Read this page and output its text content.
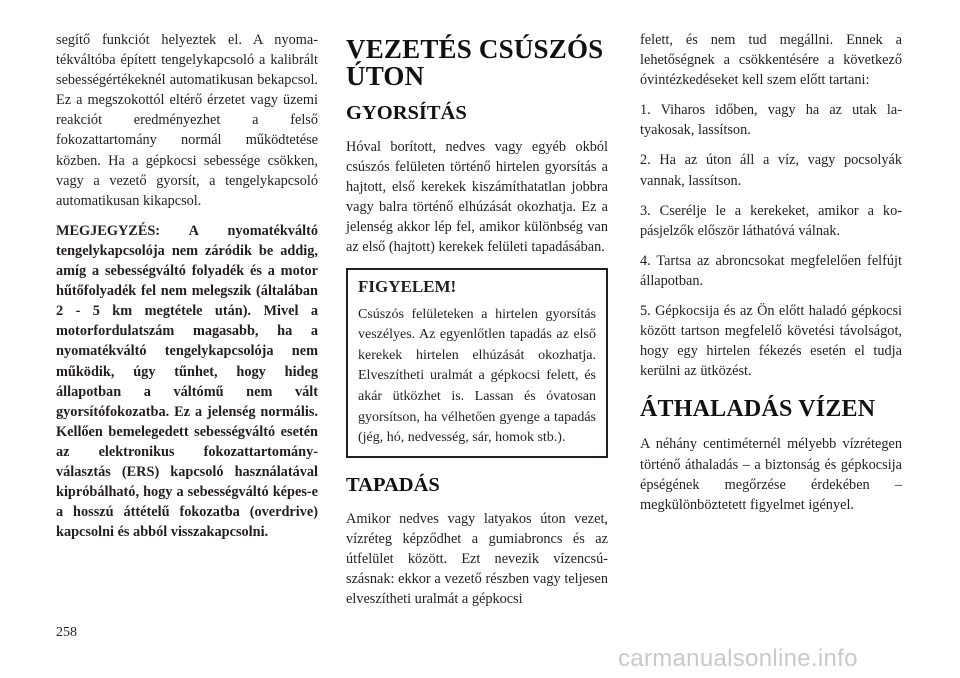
segítő funkciót helyeztek el. A nyomatékváltóba épített tengelykapcsoló a kalibrált sebességértékeknél automatikusan bekapcsol. Ez a megszokottól eltérő érzetet vagy üzemi reakciót eredményezhet a felső fokozattartomány normál működtetése közben. Ha a gépkocsi sebessége csökken, vagy a vezető gyorsít, a tengelykapcsoló automatikusan kikapcsol.

MEGJEGYZÉS: A nyomatékváltó tengelykapcsolója nem záródik be addig, amíg a sebességváltó folyadék és a motor hűtőfolyadék fel nem melegszik (általában 2 - 5 km megtétele után). Mivel a motorfordulatszám magasabb, ha a nyomatékváltó tengelykapcsolója nem működik, úgy tűnhet, hogy hideg állapotban a váltómű nem vált gyorsítófokozatba. Ez a jelenség normális. Kellően bemelegedett sebességváltó esetén az elektronikus fokozattartomány-választás (ERS) kapcsoló használatával kipróbálható, hogy a sebességváltó képes-e a hosszú áttételű fokozatba (overdrive) kapcsolni és abból visszakapcsolni.

VEZETÉS CSÚSZÓS ÚTON
GYORSÍTÁS

Hóval borított, nedves vagy egyéb okból csúszós felületen történő hirtelen gyorsítás a hajtott, első kerekek kiszámíthatatlan jobbra vagy balra történő elhúzását okozhatja. Ez a jelenség akkor lép fel, amikor különbség van az első (hajtott) kerekek felületi tapadásában.

FIGYELEM!

Csúszós felületeken a hirtelen gyorsítás veszélyes. Az egyenlőtlen tapadás az első kerekek hirtelen elhúzását okozhatja. Elveszítheti uralmát a gépkocsi felett, és akár ütközhet is. Lassan és óvatosan gyorsítson, ha vélhetően gyenge a tapadás (jég, hó, nedvesség, sár, homok stb.).

TAPADÁS

Amikor nedves vagy latyakos úton vezet, vízréteg képződhet a gumiabroncs és az útfelület között. Ezt nevezik vízencsúszásnak: ekkor a vezető részben vagy teljesen elveszítheti uralmát a gépkocsi

felett, és nem tud megállni. Ennek a lehetőségnek a csökkentésére a következő óvintézkedéseket kell szem előtt tartani:

1. Viharos időben, vagy ha az utak latyakosak, lassítson.

2. Ha az úton áll a víz, vagy pocsolyák vannak, lassítson.

3. Cserélje le a kerekeket, amikor a kopásjelzők először láthatóvá válnak.

4. Tartsa az abroncsokat megfelelően felfújt állapotban.

5. Gépkocsija és az Ön előtt haladó gépkocsi között tartson megfelelő követési távolságot, hogy egy hirtelen fékezés esetén el tudja kerülni az ütközést.

ÁTHALADÁS VÍZEN

A néhány centiméternél mélyebb vízrétegen történő áthaladás – a biztonság és gépkocsija épségének megőrzése érdekében – megkülönböztetett figyelmet igényel.

258
carmanualsonline.info
